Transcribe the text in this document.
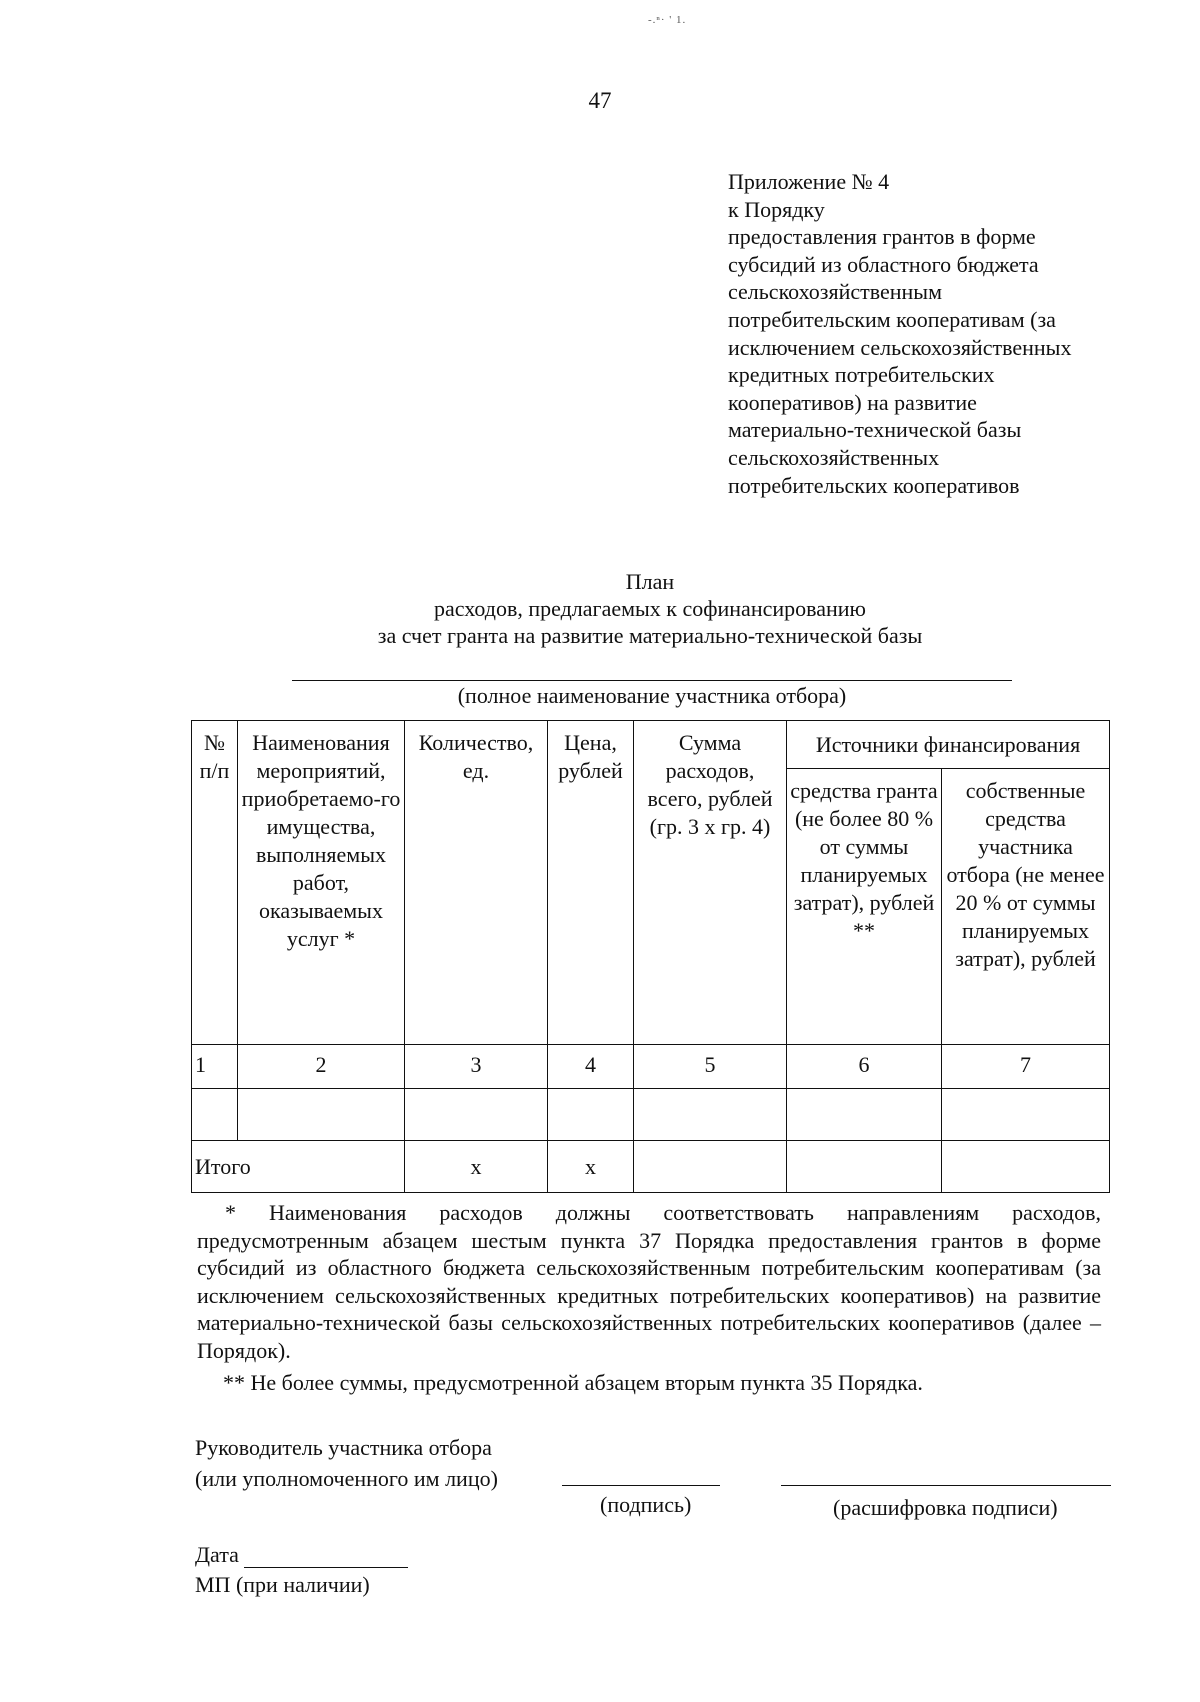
-.ⁿ· ' 1.
47
Приложение № 4
к Порядку
предоставления грантов в форме
субсидий из областного бюджета
сельскохозяйственным
потребительским кооперативам (за
исключением сельскохозяйственных
кредитных потребительских
кооперативов) на развитие
материально-технической базы
сельскохозяйственных
потребительских кооперативов
План
расходов, предлагаемых к софинансированию
за счет гранта на развитие материально-технической базы
(полное наименование участника отбора)
№ п/п	Наименования мероприятий, приобретаемо-го имущества, выполняемых работ, оказываемых услуг *	Количество, ед.	Цена, рублей	Сумма расходов, всего, рублей (гр. 3 х гр. 4)	Источники финансирования	
					средства гранта (не более 80 % от суммы планируемых затрат), рублей **	собственные средства участника отбора (не менее 20 % от суммы планируемых затрат), рублей
1	2	3	4	5	6	7

Итого		х	х			

* Наименования расходов должны соответствовать направлениям расходов, предусмотренным абзацем шестым пункта 37 Порядка предоставления грантов в форме субсидий из областного бюджета сельскохозяйственным потребительским кооперативам (за исключением сельскохозяйственных кредитных потребительских кооперативов) на развитие материально-технической базы сельскохозяйственных потребительских кооперативов (далее – Порядок).

** Не более суммы, предусмотренной абзацем вторым пункта 35 Порядка.
Руководитель участника отбора
(или уполномоченного им лицо)
(подпись)	(расшифровка подписи)
Дата
МП (при наличии)
